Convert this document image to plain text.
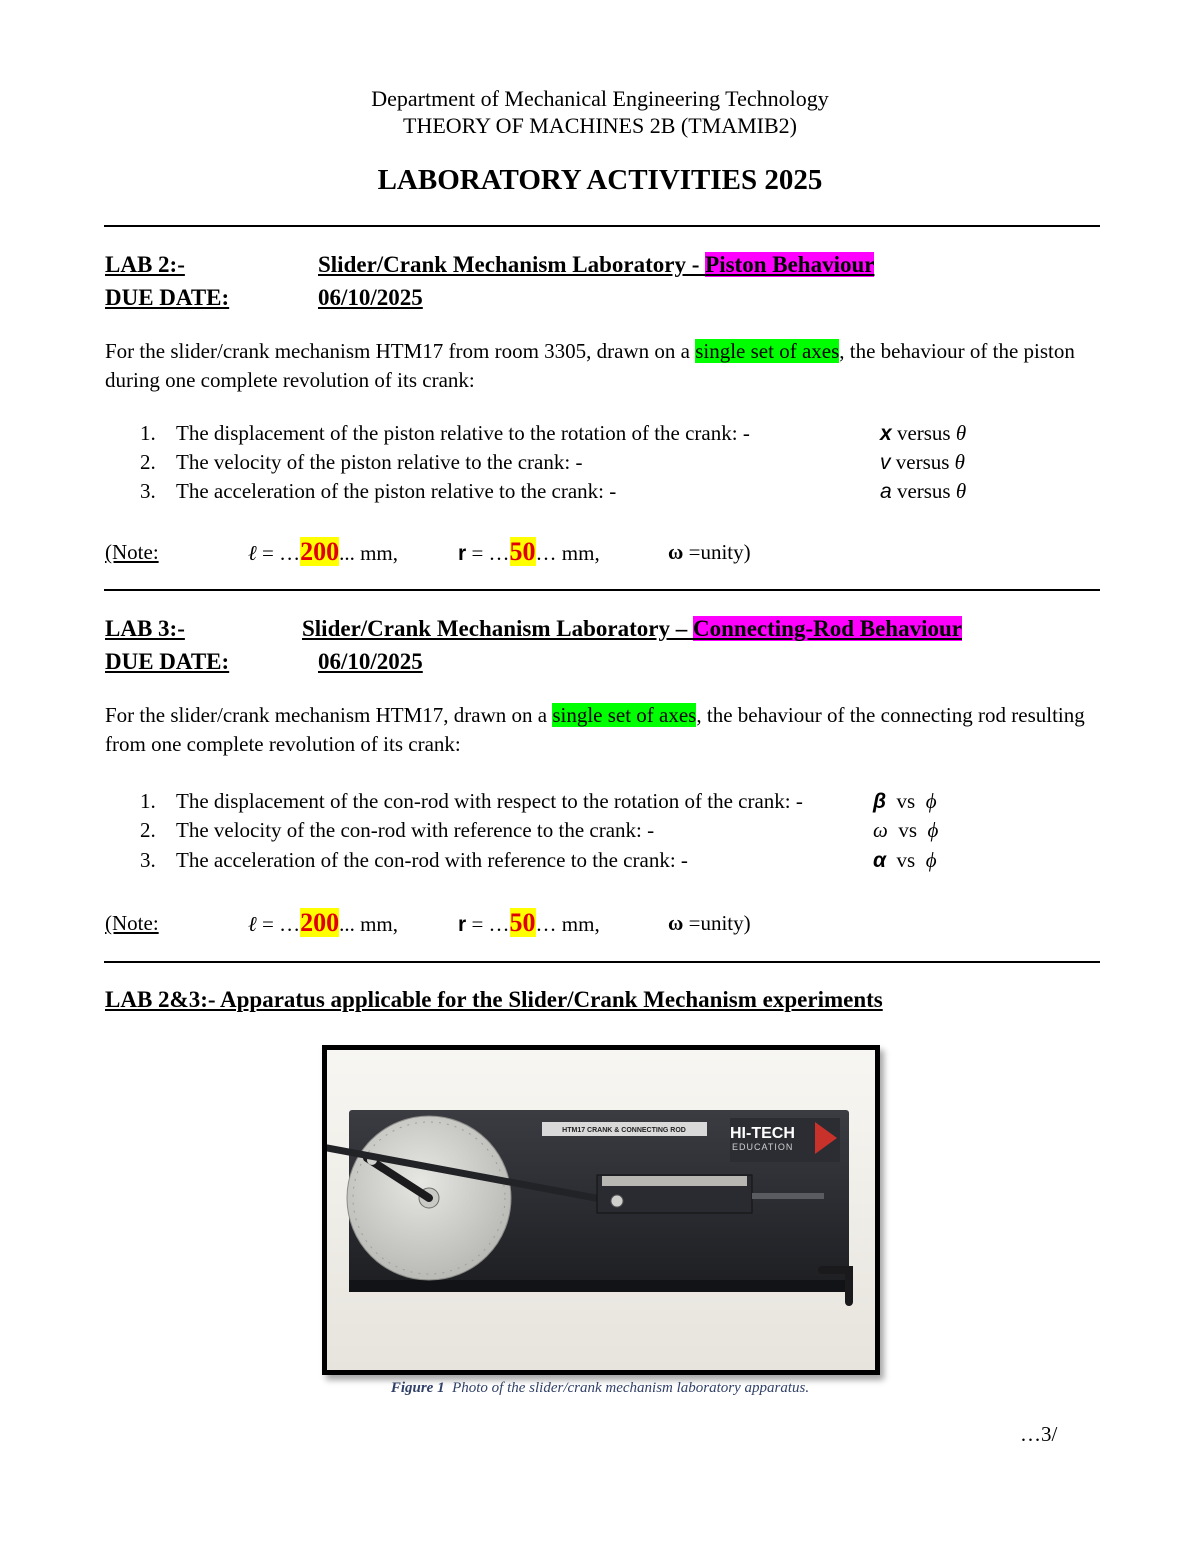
Department of Mechanical Engineering Technology
THEORY OF MACHINES 2B (TMAMIB2)
LABORATORY ACTIVITIES 2025
LAB 2:-	Slider/Crank Mechanism Laboratory - Piston Behaviour
DUE DATE:	06/10/2025
For the slider/crank mechanism HTM17 from room 3305, drawn on a single set of axes, the behaviour of the piston during one complete revolution of its crank:
1. The displacement of the piston relative to the rotation of the crank: -	x versus θ
2. The velocity of the piston relative to the crank: -	v versus θ
3. The acceleration of the piston relative to the crank: -	a versus θ
(Note:	ℓ = …200... mm,	r = …50… mm,	ω =unity)
LAB 3:-	Slider/Crank Mechanism Laboratory – Connecting-Rod Behaviour
DUE DATE:	06/10/2025
For the slider/crank mechanism HTM17, drawn on a single set of axes, the behaviour of the connecting rod resulting from one complete revolution of its crank:
1. The displacement of the con-rod with respect to the rotation of the crank: -	β  vs  ϕ
2. The velocity of the con-rod with reference to the crank: -	ω  vs  ϕ
3. The acceleration of the con-rod with reference to the crank: -	α  vs  ϕ
(Note:	ℓ = …200... mm,	r = …50… mm,	ω =unity)
LAB 2&3:- Apparatus applicable for the Slider/Crank Mechanism experiments
HTM17 CRANK & CONNECTING ROD	HI-TECH
EDUCATION
Figure 1 Photo of the slider/crank mechanism laboratory apparatus.
…3/
